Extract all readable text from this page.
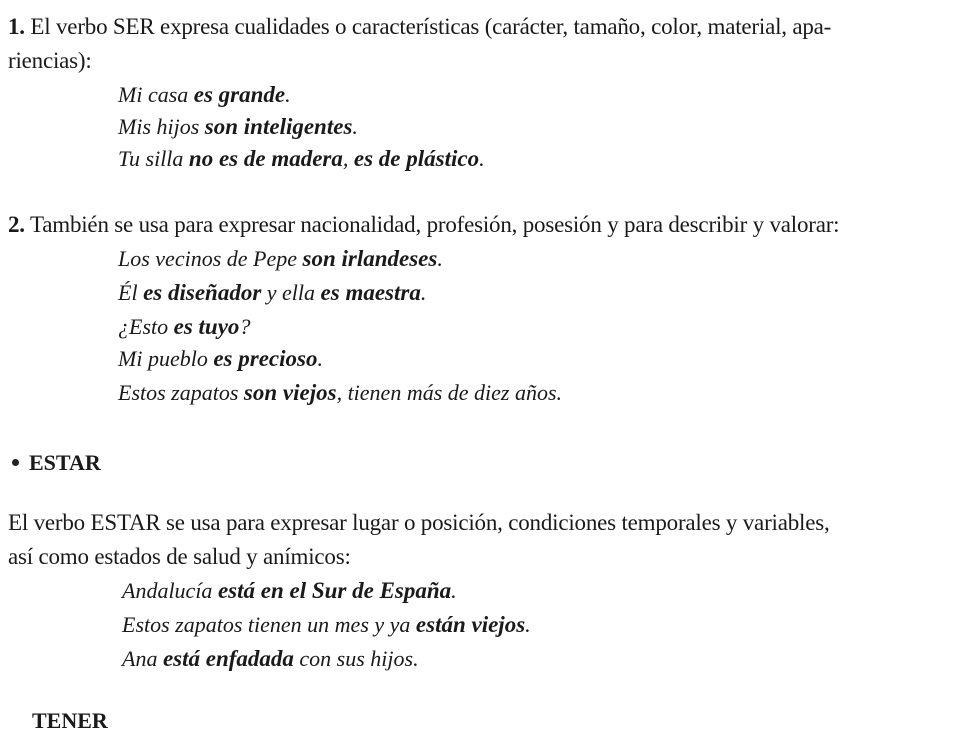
1. El verbo SER expresa cualidades o características (carácter, tamaño, color, material, apa-
riencias):
Mi casa es grande.
Mis hijos son inteligentes.
Tu silla no es de madera, es de plástico.
2. También se usa para expresar nacionalidad, profesión, posesión y para describir y valorar:
Los vecinos de Pepe son irlandeses.
Él es diseñador y ella es maestra.
¿Esto es tuyo?
Mi pueblo es precioso.
Estos zapatos son viejos, tienen más de diez años.
ESTAR
El verbo ESTAR se usa para expresar lugar o posición, condiciones temporales y variables,
así como estados de salud y anímicos:
Andalucía está en el Sur de España.
Estos zapatos tienen un mes y ya están viejos.
Ana está enfadada con sus hijos.
TENER
